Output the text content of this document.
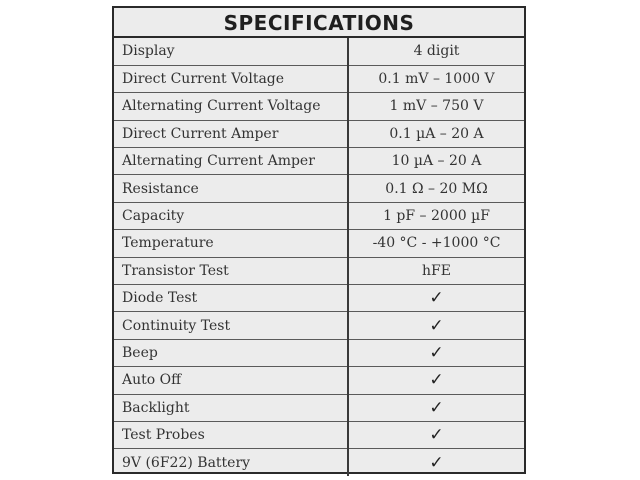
SPECIFICATIONS
Display	4 digit
Direct Current Voltage	0.1 mV – 1000 V
Alternating Current Voltage	1 mV – 750 V
Direct Current Amper	0.1 µA – 20 A
Alternating Current Amper	10 µA – 20 A
Resistance	0.1 Ω – 20 MΩ
Capacity	1 pF – 2000 µF
Temperature	-40 °C - +1000 °C
Transistor Test	hFE
Diode Test	✓
Continuity Test	✓
Beep	✓
Auto Off	✓
Backlight	✓
Test Probes	✓
9V (6F22) Battery	✓
